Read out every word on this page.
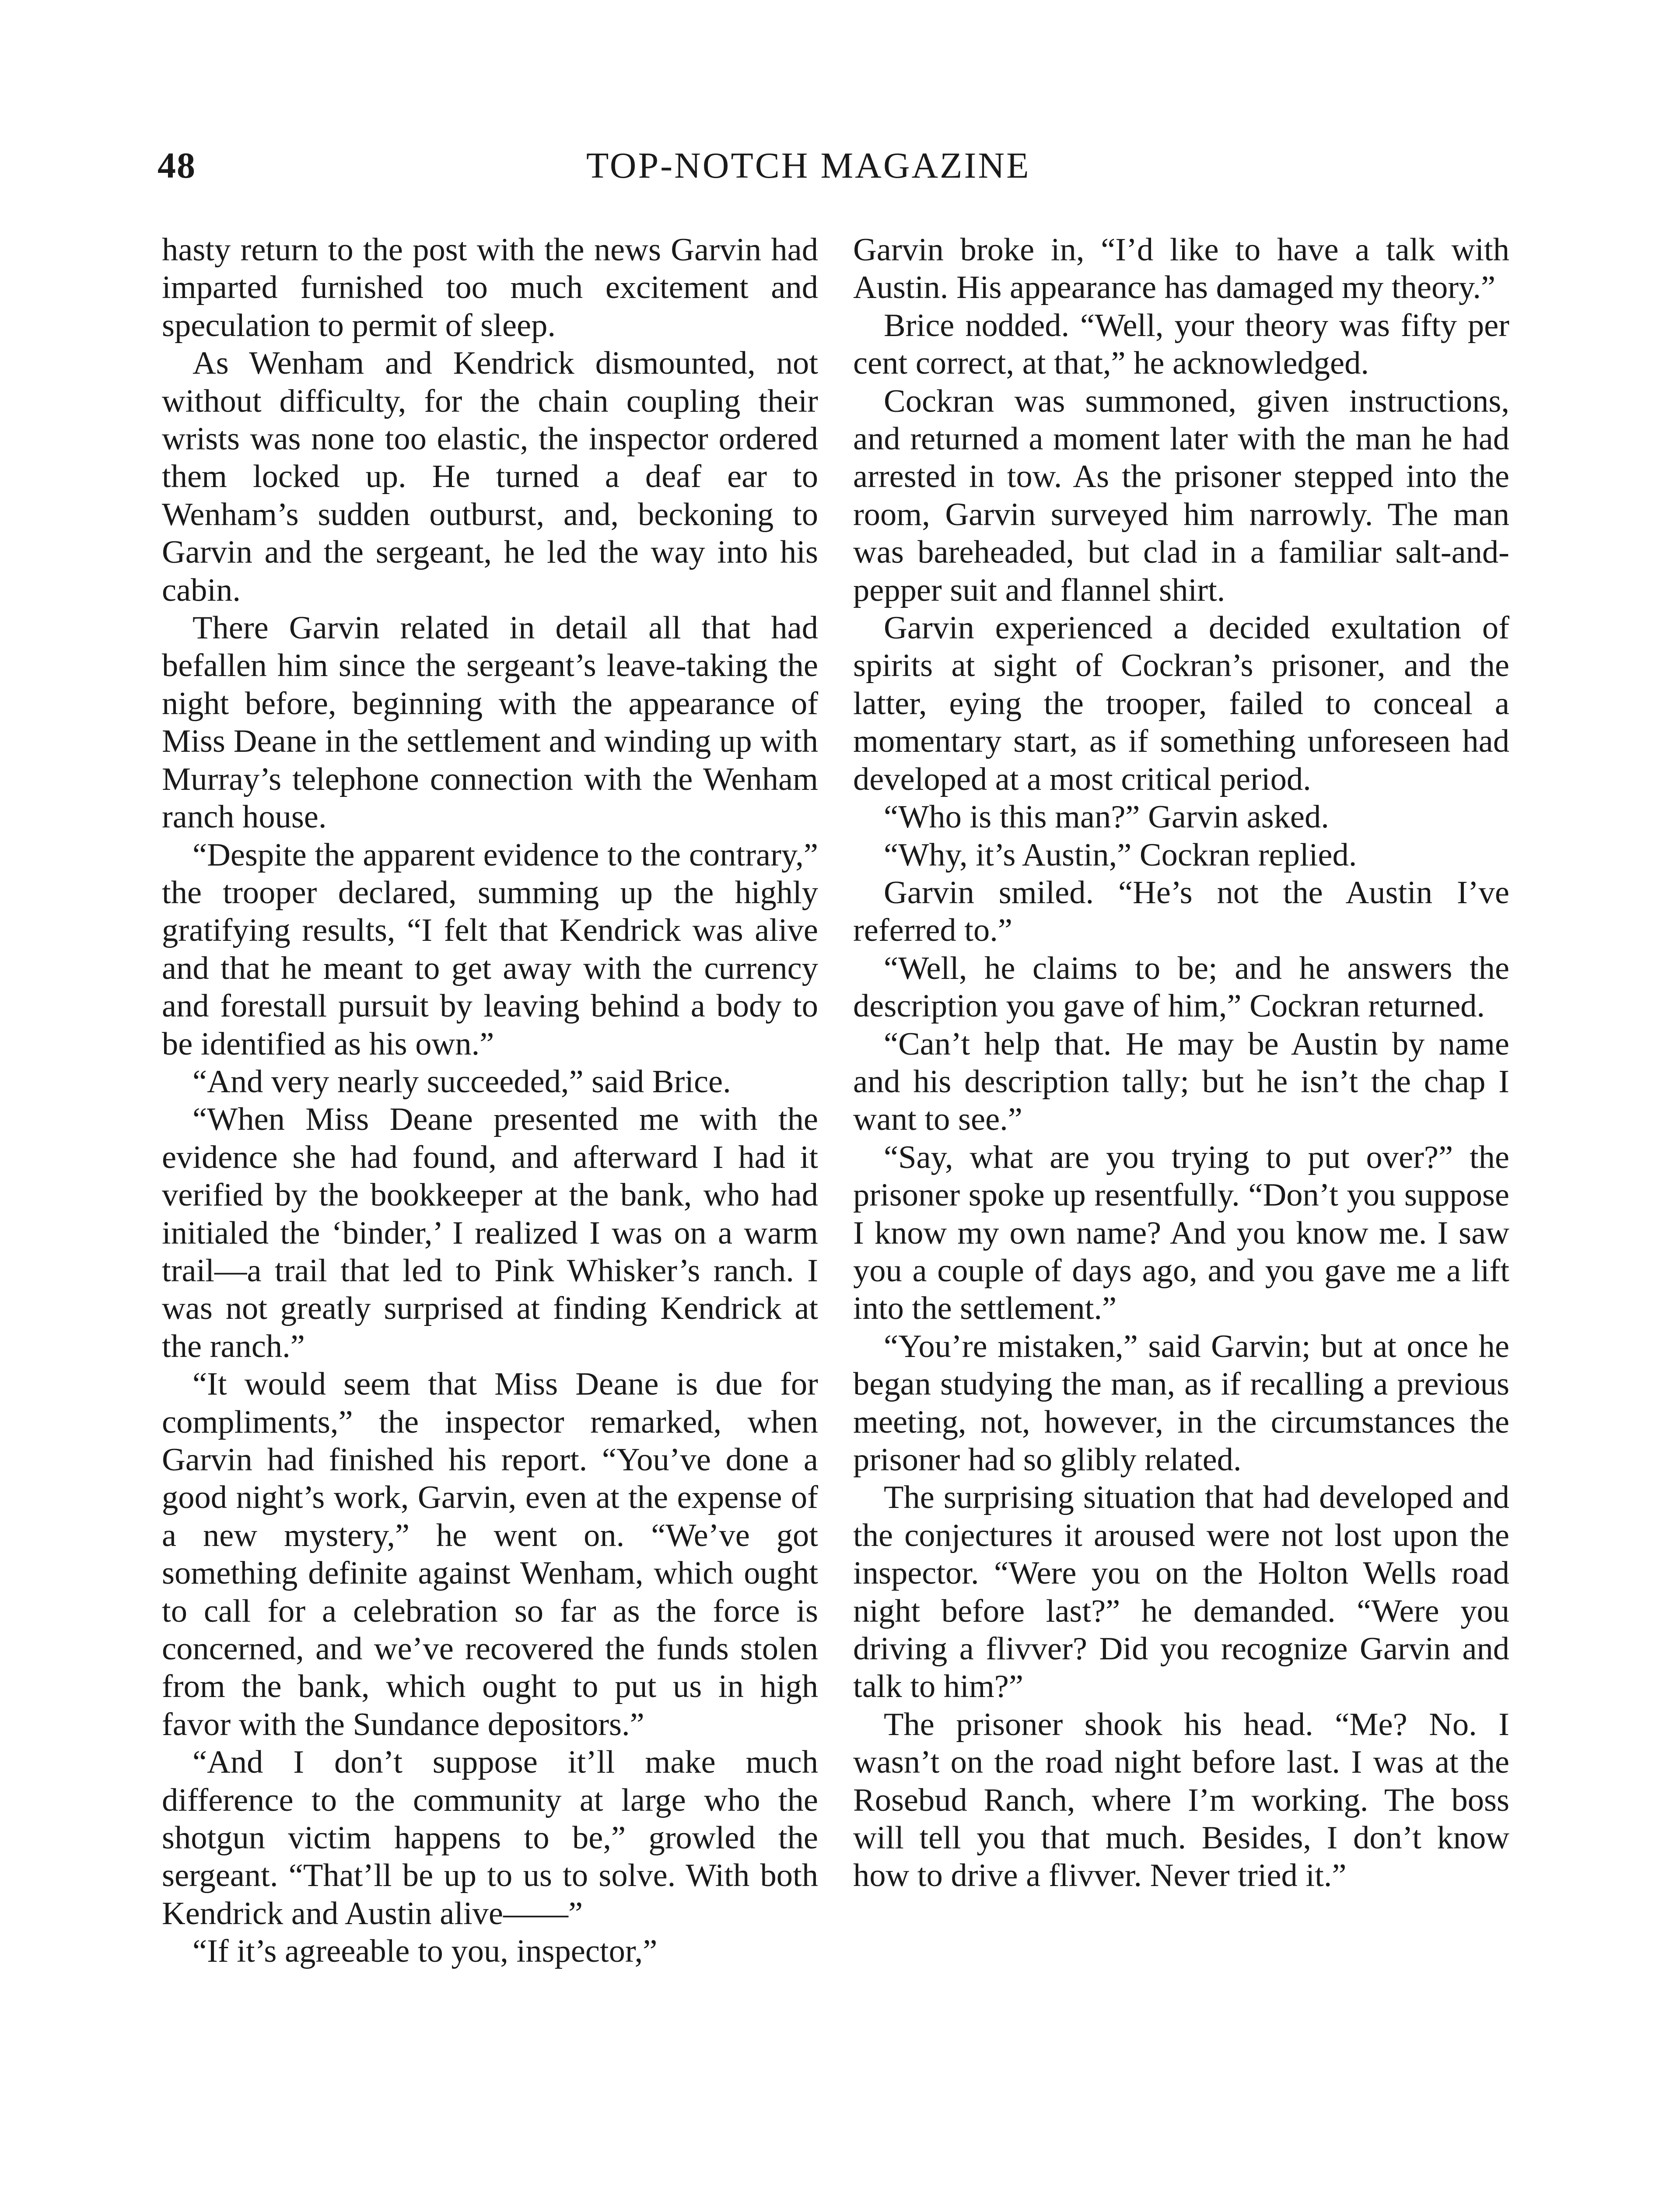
48	TOP-NOTCH MAGAZINE

hasty return to the post with the news Garvin had imparted furnished too much excitement and speculation to permit of sleep.

As Wenham and Kendrick dismounted, not without difficulty, for the chain coupling their wrists was none too elastic, the inspector ordered them locked up. He turned a deaf ear to Wenham’s sudden outburst, and, beckoning to Garvin and the sergeant, he led the way into his cabin.

There Garvin related in detail all that had befallen him since the sergeant’s leave-taking the night before, beginning with the appearance of Miss Deane in the settlement and winding up with Murray’s telephone connection with the Wenham ranch house.

“Despite the apparent evidence to the contrary,” the trooper declared, summing up the highly gratifying results, “I felt that Kendrick was alive and that he meant to get away with the currency and forestall pursuit by leaving behind a body to be identified as his own.”

“And very nearly succeeded,” said Brice.

“When Miss Deane presented me with the evidence she had found, and afterward I had it verified by the bookkeeper at the bank, who had initialed the ‘binder,’ I realized I was on a warm trail—a trail that led to Pink Whisker’s ranch. I was not greatly surprised at finding Kendrick at the ranch.”

“It would seem that Miss Deane is due for compliments,” the inspector remarked, when Garvin had finished his report. “You’ve done a good night’s work, Garvin, even at the expense of a new mystery,” he went on. “We’ve got something definite against Wenham, which ought to call for a celebration so far as the force is concerned, and we’ve recovered the funds stolen from the bank, which ought to put us in high favor with the Sundance depositors.”

“And I don’t suppose it’ll make much difference to the community at large who the shotgun victim happens to be,” growled the sergeant. “That’ll be up to us to solve. With both Kendrick and Austin alive——”

“If it’s agreeable to you, inspector,”

Garvin broke in, “I’d like to have a talk with Austin. His appearance has damaged my theory.”

Brice nodded. “Well, your theory was fifty per cent correct, at that,” he acknowledged.

Cockran was summoned, given instructions, and returned a moment later with the man he had arrested in tow. As the prisoner stepped into the room, Garvin surveyed him narrowly. The man was bareheaded, but clad in a familiar salt-and-pepper suit and flannel shirt.

Garvin experienced a decided exultation of spirits at sight of Cockran’s prisoner, and the latter, eying the trooper, failed to conceal a momentary start, as if something unforeseen had developed at a most critical period.

“Who is this man?” Garvin asked.

“Why, it’s Austin,” Cockran replied.

Garvin smiled. “He’s not the Austin I’ve referred to.”

“Well, he claims to be; and he answers the description you gave of him,” Cockran returned.

“Can’t help that. He may be Austin by name and his description tally; but he isn’t the chap I want to see.”

“Say, what are you trying to put over?” the prisoner spoke up resentfully. “Don’t you suppose I know my own name? And you know me. I saw you a couple of days ago, and you gave me a lift into the settlement.”

“You’re mistaken,” said Garvin; but at once he began studying the man, as if recalling a previous meeting, not, however, in the circumstances the prisoner had so glibly related.

The surprising situation that had developed and the conjectures it aroused were not lost upon the inspector. “Were you on the Holton Wells road night before last?” he demanded. “Were you driving a flivver? Did you recognize Garvin and talk to him?”

The prisoner shook his head. “Me? No. I wasn’t on the road night before last. I was at the Rosebud Ranch, where I’m working. The boss will tell you that much. Besides, I don’t know how to drive a flivver. Never tried it.”
